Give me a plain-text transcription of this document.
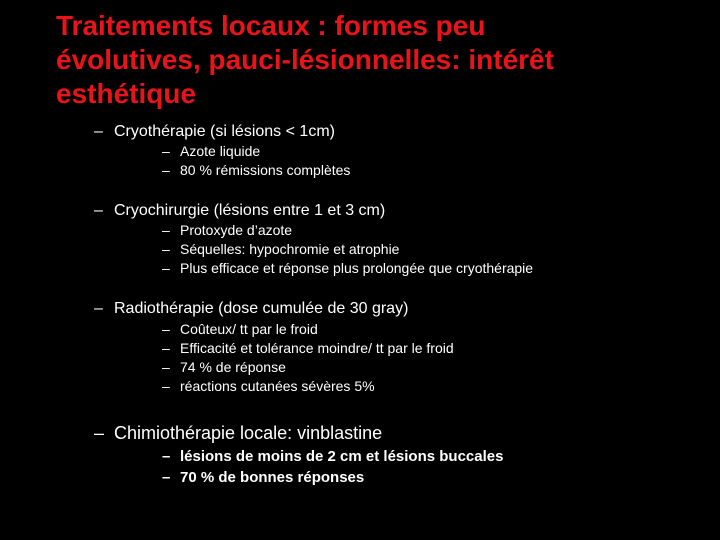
Traitements locaux : formes peu
évolutives, pauci-lésionnelles: intérêt
esthétique

– Cryothérapie (si lésions < 1cm)

– Azote liquide
– 80 % rémissions complètes

– Cryochirurgie (lésions entre 1 et 3 cm)

– Protoxyde d’azote
– Séquelles: hypochromie et atrophie
– Plus efficace et réponse plus prolongée que cryothérapie

– Radiothérapie (dose cumulée de 30 gray)

– Coûteux/ tt par le froid
– Efficacité et tolérance moindre/ tt par le froid
– 74 % de réponse
– réactions cutanées sévères 5%

– Chimiothérapie locale: vinblastine

– lésions de moins de 2 cm et lésions buccales
– 70 % de bonnes réponses
